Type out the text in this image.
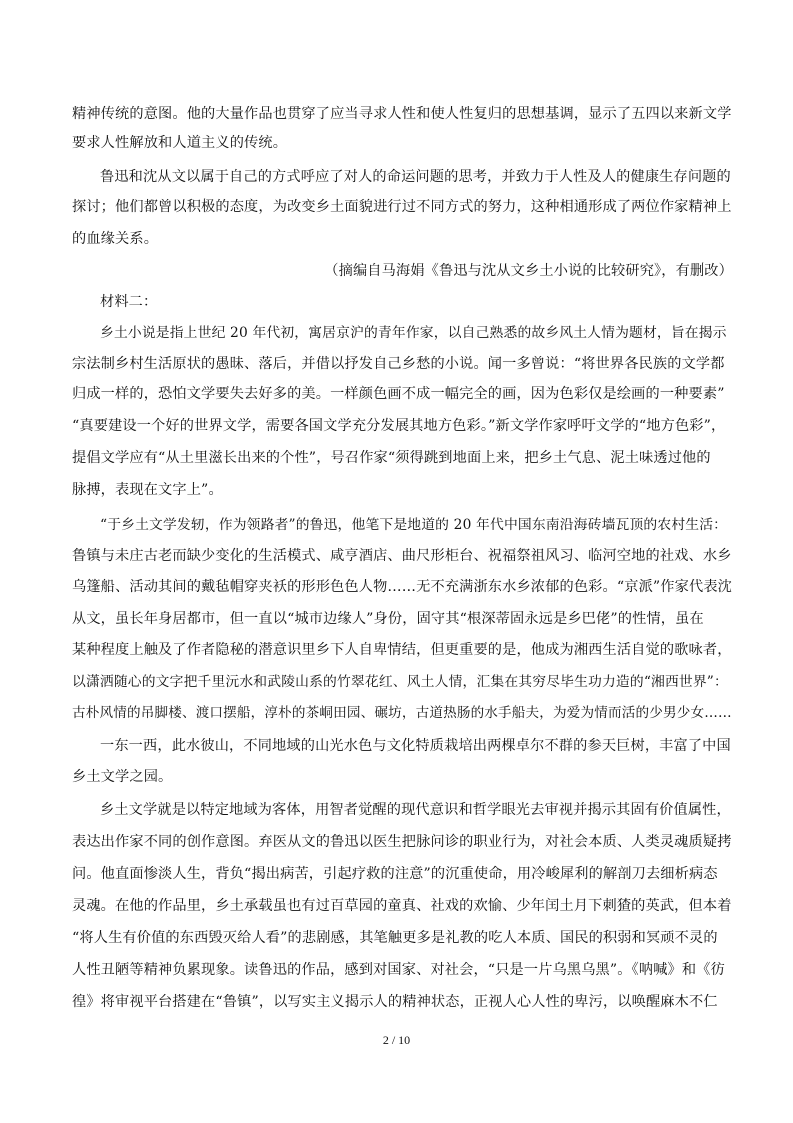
精神传统的意图。他的大量作品也贯穿了应当寻求人性和使人性复归的思想基调，显示了五四以来新文学
要求人性解放和人道主义的传统。
鲁迅和沈从文以属于自己的方式呼应了对人的命运问题的思考，并致力于人性及人的健康生存问题的
探讨；他们都曾以积极的态度，为改变乡土面貌进行过不同方式的努力，这种相通形成了两位作家精神上
的血缘关系。
（摘编自马海娟《鲁迅与沈从文乡土小说的比较研究》，有删改）
材料二：
乡土小说是指上世纪 20 年代初，寓居京沪的青年作家，以自己熟悉的故乡风土人情为题材，旨在揭示
宗法制乡村生活原状的愚昧、落后，并借以抒发自己乡愁的小说。闻一多曾说：“将世界各民族的文学都
归成一样的，恐怕文学要失去好多的美。一样颜色画不成一幅完全的画，因为色彩仅是绘画的一种要素”
“真要建设一个好的世界文学，需要各国文学充分发展其地方色彩。”新文学作家呼吁文学的“地方色彩”，
提倡文学应有“从土里滋长出来的个性”，号召作家“须得跳到地面上来，把乡土气息、泥土味透过他的
脉搏，表现在文字上”。
“于乡土文学发轫，作为领路者”的鲁迅，他笔下是地道的 20 年代中国东南沿海砖墙瓦顶的农村生活：
鲁镇与未庄古老而缺少变化的生活模式、咸亨酒店、曲尺形柜台、祝福祭祖风习、临河空地的社戏、水乡
乌篷船、活动其间的戴毡帽穿夹袄的形形色色人物……无不充满浙东水乡浓郁的色彩。“京派”作家代表沈
从文，虽长年身居都市，但一直以“城市边缘人”身份，固守其“根深蒂固永远是乡巴佬”的性情，虽在
某种程度上触及了作者隐秘的潜意识里乡下人自卑情结，但更重要的是，他成为湘西生活自觉的歌咏者，
以潇洒随心的文字把千里沅水和武陵山系的竹翠花红、风土人情，汇集在其穷尽毕生功力造的“湘西世界”：
古朴风情的吊脚楼、渡口摆船，淳朴的茶峒田园、碾坊，古道热肠的水手船夫，为爱为情而活的少男少女……
一东一西，此水彼山，不同地域的山光水色与文化特质栽培出两棵卓尔不群的参天巨树，丰富了中国
乡土文学之园。
乡土文学就是以特定地域为客体，用智者觉醒的现代意识和哲学眼光去审视并揭示其固有价值属性，
表达出作家不同的创作意图。弃医从文的鲁迅以医生把脉问诊的职业行为，对社会本质、人类灵魂质疑拷
问。他直面惨淡人生，背负“揭出病苦，引起疗救的注意”的沉重使命，用冷峻犀利的解剖刀去细析病态
灵魂。在他的作品里，乡土承载虽也有过百草园的童真、社戏的欢愉、少年闰土月下刺猹的英武，但本着
“将人生有价值的东西毁灭给人看”的悲剧感，其笔触更多是礼教的吃人本质、国民的积弱和冥顽不灵的
人性丑陋等精神负累现象。读鲁迅的作品，感到对国家、对社会，“只是一片乌黑乌黑”。《呐喊》和《彷
徨》将审视平台搭建在“鲁镇”，以写实主义揭示人的精神状态，正视人心人性的卑污，以唤醒麻木不仁
2 / 10
